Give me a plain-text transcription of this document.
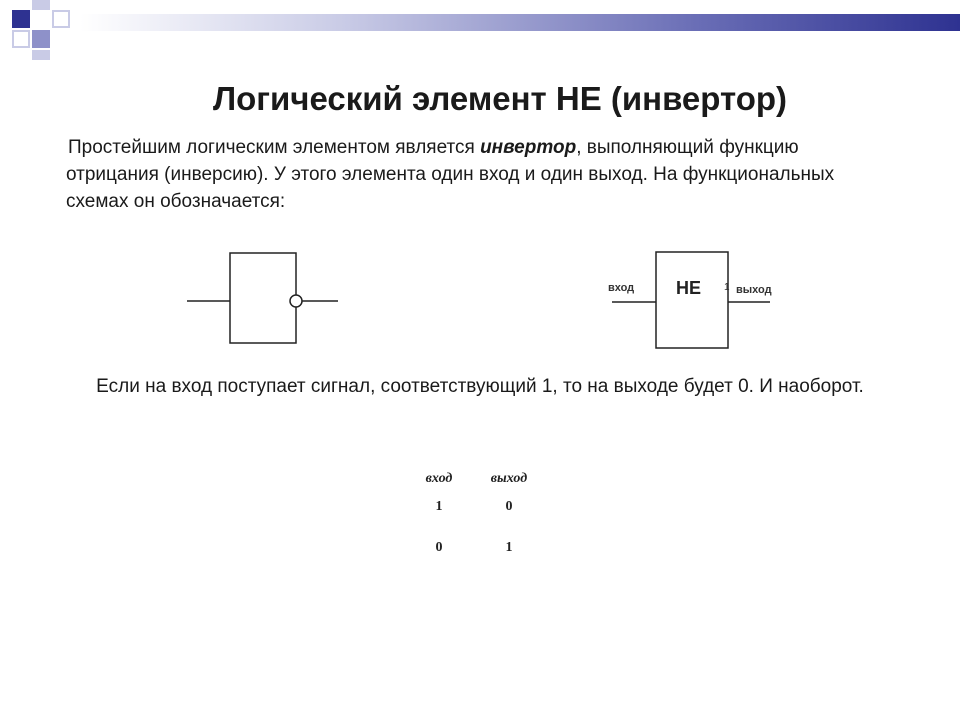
Логический элемент НЕ (инвертор)

Простейшим логическим элементом является инвертор, выполняющий функцию отрицания (инверсию). У этого элемента один вход и один выход. На функциональных схемах он обозначается:

вход	выход
НЕ 1

Если на вход поступает сигнал, соответствующий 1, то на выходе будет 0. И наоборот.

вход	выход
1	0
0	1
